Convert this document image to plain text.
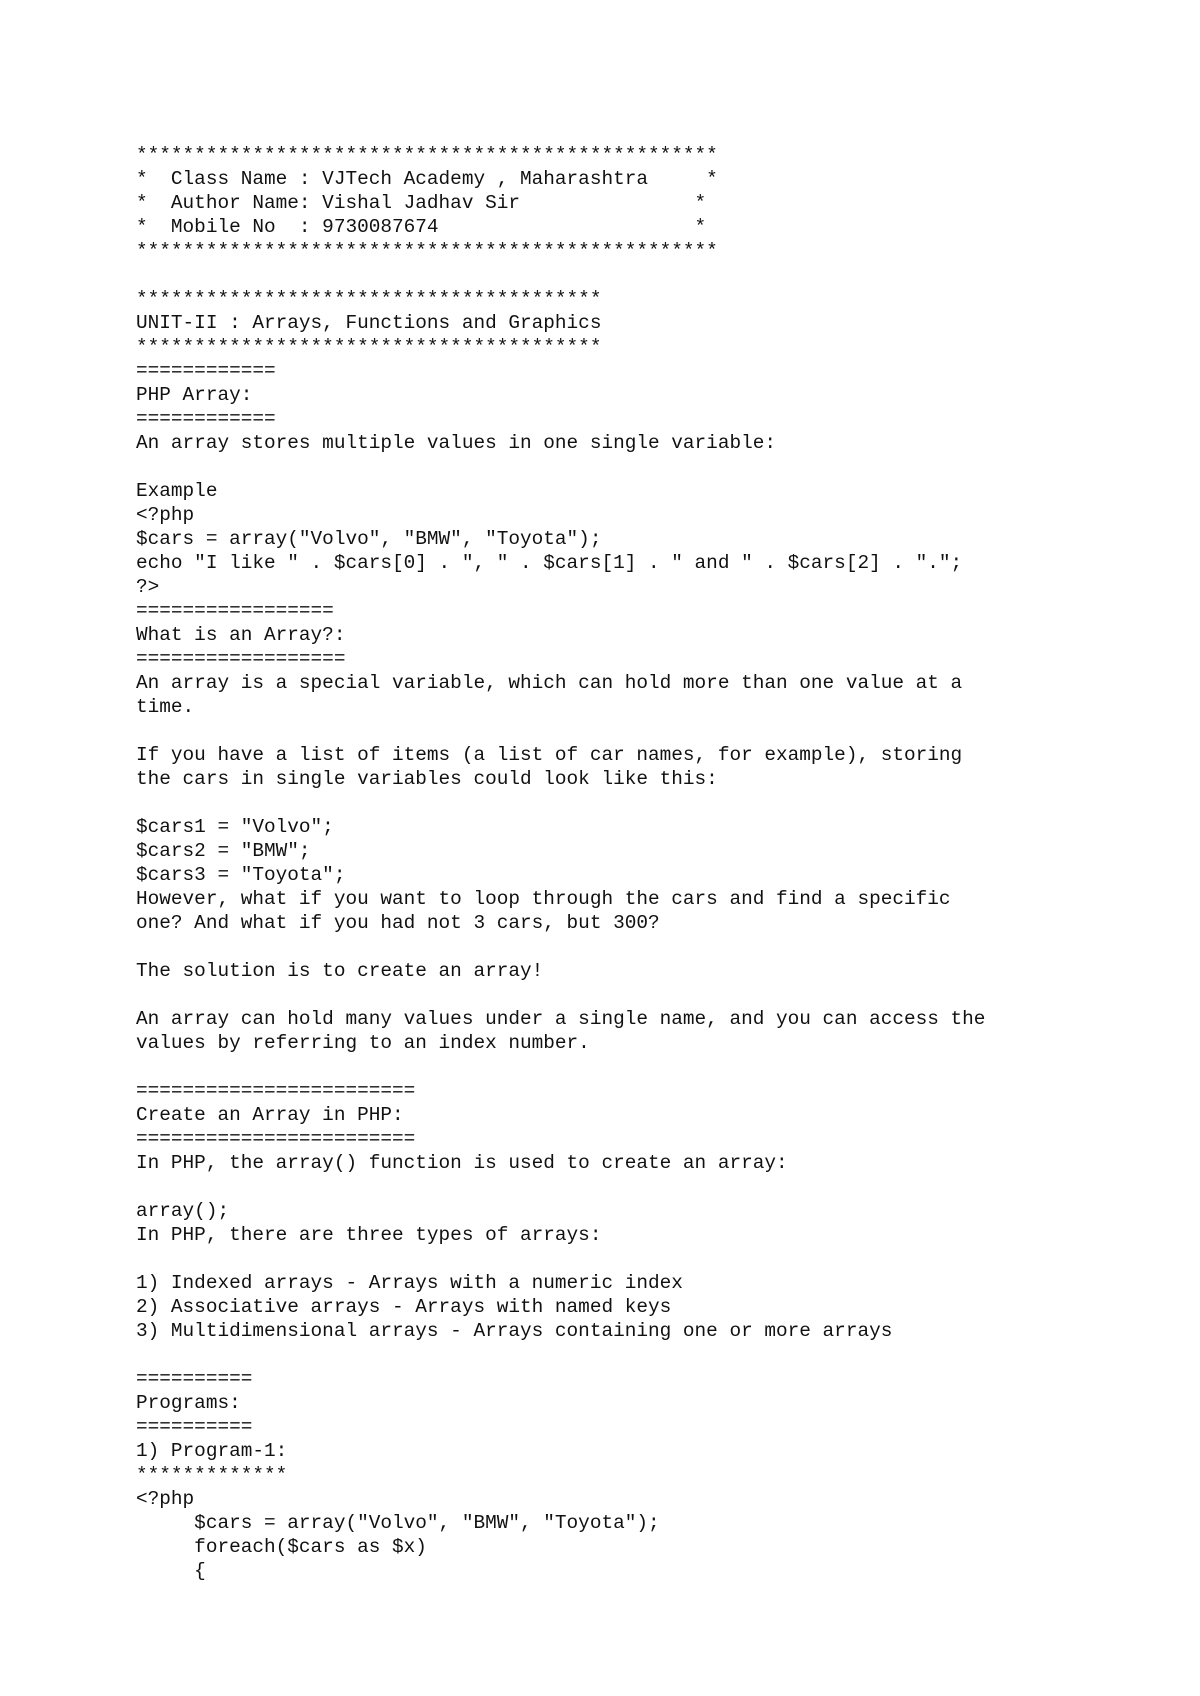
**************************************************
*  Class Name : VJTech Academy , Maharashtra     *
*  Author Name: Vishal Jadhav Sir               *
*  Mobile No  : 9730087674                      *
**************************************************
****************************************
UNIT-II : Arrays, Functions and Graphics
****************************************
============
PHP Array:
============
An array stores multiple values in one single variable:
Example
<?php
$cars = array("Volvo", "BMW", "Toyota");
echo "I like " . $cars[0] . ", " . $cars[1] . " and " . $cars[2] . ".";
?>
=================
What is an Array?:
==================
An array is a special variable, which can hold more than one value at a
time.
If you have a list of items (a list of car names, for example), storing
the cars in single variables could look like this:
$cars1 = "Volvo";
$cars2 = "BMW";
$cars3 = "Toyota";
However, what if you want to loop through the cars and find a specific
one? And what if you had not 3 cars, but 300?
The solution is to create an array!
An array can hold many values under a single name, and you can access the
values by referring to an index number.
========================
Create an Array in PHP:
========================
In PHP, the array() function is used to create an array:
array();
In PHP, there are three types of arrays:
1) Indexed arrays - Arrays with a numeric index
2) Associative arrays - Arrays with named keys
3) Multidimensional arrays - Arrays containing one or more arrays
==========
Programs:
==========
1) Program-1:
*************
<?php
$cars = array("Volvo", "BMW", "Toyota");
foreach($cars as $x)
{
